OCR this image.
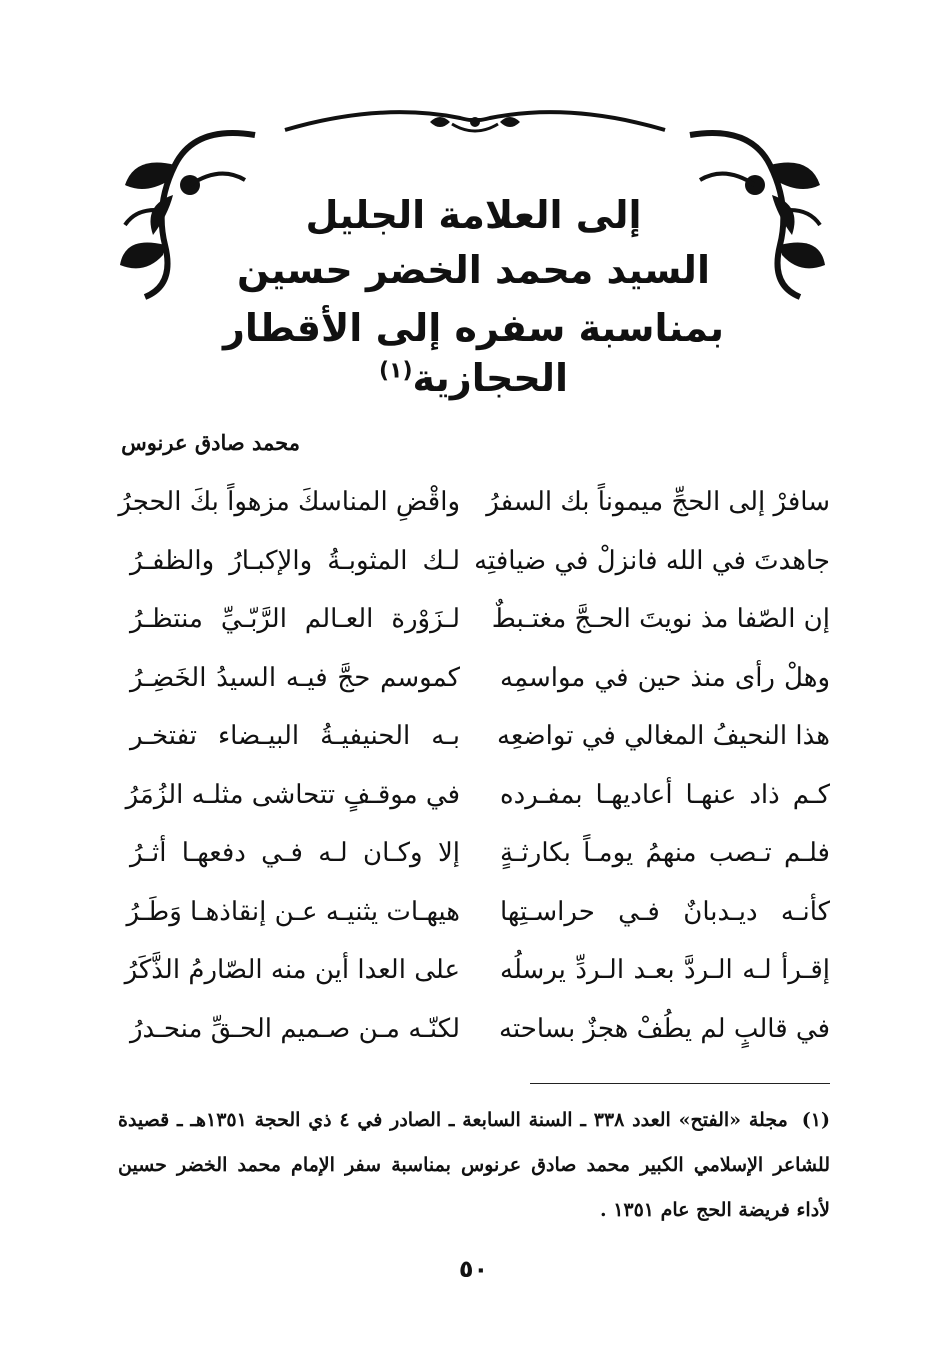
إلى العلامة الجليل
السيد محمد الخضر حسين
بمناسبة سفره إلى الأقطار الحجازية$^{(١)}$
محمد صادق عرنوس
سافرْ إلى الحجِّ ميموناً بك السفرُ
واقْضِ المناسكَ مزهواً بكَ الحجرُ
جاهدتَ في الله فانزلْ في ضيافتِه
لـك المثوبـةُ والإكبـارُ والظفـرُ
إن الصّفا مذ نويتَ الحـجَّ مغتـبطٌ
لـزَوْرة العـالم الرَّبّـيِّ منتظـرُ
وهلْ رأى منذ حين في مواسمِه
كموسم حجَّ فيـه السيدُ الخَضِـرُ
هذا النحيفُ المغالي في تواضعِه
بـه الحنيفيـةُ البيـضاء تفتخـر
كـم ذاد عنهـا أعاديهـا بمفـرده
في موقـفٍ تتحاشى مثلـه الزُمَرُ
فلـم تـصب منهمُ يومـاً بكارثـةٍ
إلا وكـان لـه فـي دفعهـا أثـرُ
كأنـه ديـدبانٌ فـي حراسـتِها
هيهـات يثنيـه عـن إنقاذهـا وَطَـرُ
إقـرأ لـه الـردَّ بعـد الـردِّ يرسلُه
على العدا أين منه الصّارمُ الذَّكَرُ
في قالبٍ لم يطُفْ هجزٌ بساحته
لكنّـه مـن صـميم الحـقِّ منحـدرُ
(١)مجلة «الفتح» العدد ٣٣٨ ـ السنة السابعة ـ الصادر في ٤ ذي الحجة ١٣٥١هـ ـ قصيدة للشاعر الإسلامي الكبير محمد صادق عرنوس بمناسبة سفر الإمام محمد الخضر حسين لأداء فريضة الحج عام ١٣٥١ .
٥٠
